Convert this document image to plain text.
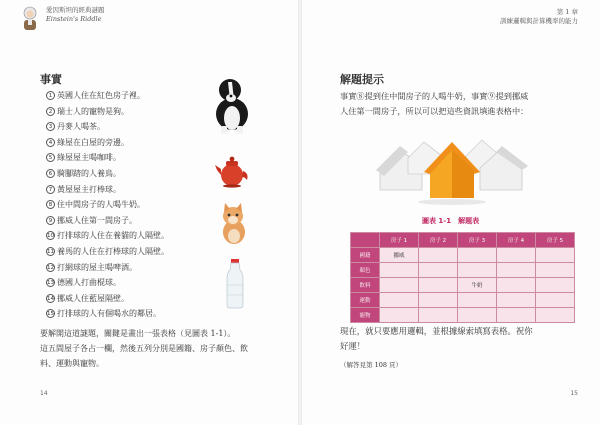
愛因斯坦的經典謎題
Einstein's Riddle
第 1 章
訓練邏輯與計算機率的能力
事實
1 英國人住在紅色房子裡。
2 瑞士人的寵物是狗。
3 丹麥人喝茶。
4 綠屋在白屋的旁邊。
5 綠屋屋主喝咖啡。
6 騎腳踏的人養鳥。
7 黃屋屋主打棒球。
8 住中間房子的人喝牛奶。
9 挪威人住第一間房子。
10 打排球的人住在養貓的人隔壁。
11 養馬的人住在打棒球的人隔壁。
12 打網球的屋主喝啤酒。
13 德國人打曲棍球。
14 挪威人住藍屋隔壁。
15 打排球的人有個喝水的鄰居。

要解開這道謎題，關鍵是畫出一張表格（見圖表 1-1）。
這五間屋子各占一欄，然後五列分別是國籍、房子顏色、飲
料、運動與寵物。

14
解題提示

事實⑧提到住中間房子的人喝牛奶，事實⑨提到挪威
人住第一間房子，所以可以把這些資訊填進表格中：

圖表 1-1　解題表
	房子 1	房子 2	房子 3	房子 4	房子 5
國籍	挪威				
顏色					
飲料			牛奶		
運動					
寵物					

現在，就只要應用邏輯，並根據線索填寫表格。祝你
好運！

（解答見第 108 頁）
15
